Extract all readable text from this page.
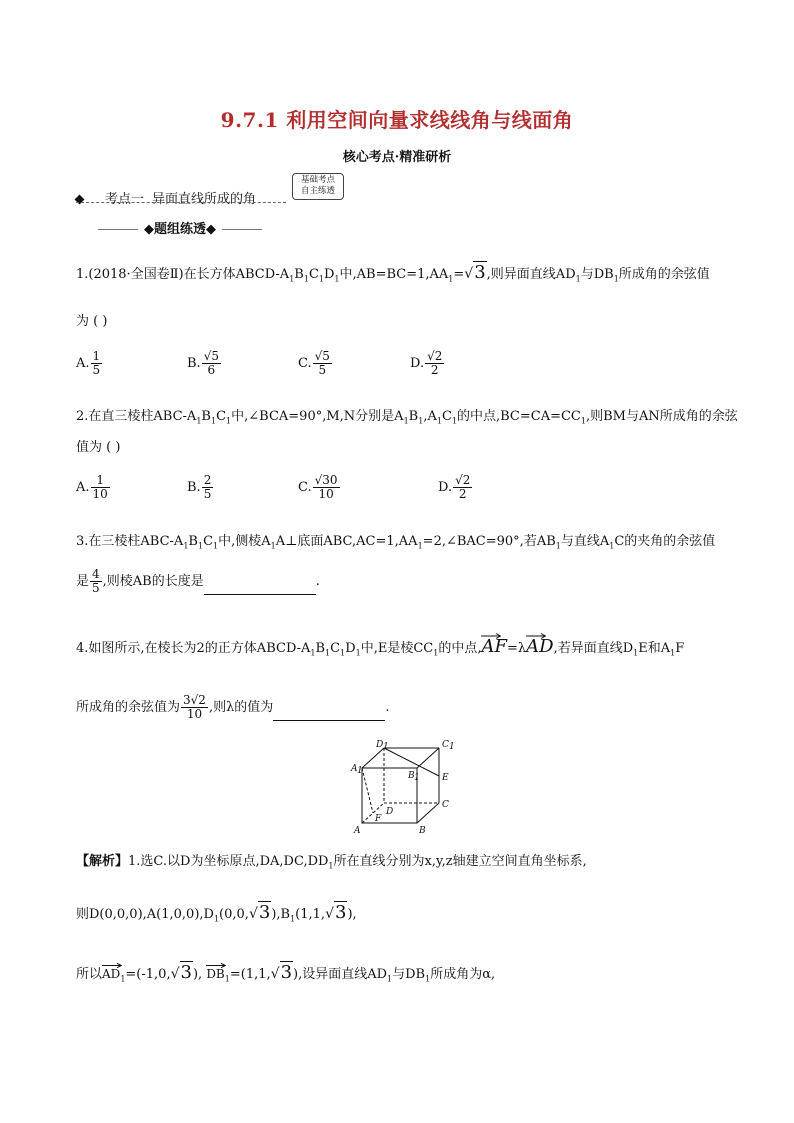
9.7.1 利用空间向量求线线角与线面角
核心考点·精准研析
考点一 异面直线所成的角
基础考点
自主练透
◆题组练透◆
1.(2018·全国卷Ⅱ)在长方体ABCD-$A_1B_1C_1D_1$中$,AB=BC=1,AA_1=√3$,则异面直线$AD_1$与$DB_1$所成角的余弦值
为 ( )
A. $\frac{1}{5}$	B. $\frac{√5}{6}$	C. $\frac{√5}{5}$	D. $\frac{√2}{2}$
2.在直三棱柱ABC-$A_1B_1C_1$中,∠BCA=90°,M,N分别是$A_1B_1,A_1C_1$的中点$,BC=CA=CC_1$,则BM与AN所成角的余弦
值为 ( )
A. $\frac{1}{10}$	B. $\frac{2}{5}$	C. $\frac{√30}{10}$	D. $\frac{√2}{2}$
3.在三棱柱ABC-$A_1B_1C_1$中,侧棱$A_1A\perp$底面$ABC,AC=1,AA_1=2,\angle BAC=90^\circ$,若$AB_1$与直线$A_1C$的夹角的余弦值
是 $\frac{4}{5}$ ,则棱AB的长度是	.
4.如图所示,在棱长为2的正方体ABCD-$A_1B_1C_1D_1$中,E是棱$CC_1$的中点,
AF=λ
AD,若异面直线$D_1E$和$A_1F$
所成角的余弦值为 $\frac{3√2}{10}$ ,则λ的值为	.
D 1	C 1
A 1	B 1 E
D
C
F
A	B
【解析】1.选C.以D为坐标原点$,DA,DC,DD_1$所在直线分别为x,y,z轴建立空间直角坐标系,
则$D(0,0,0),A(1,0,0),D_1(0,0,√3),B_1(1,1,√3)$,
所以
$AD_1=(-1,0,√3)$, $DB_1=(1,1,√3)$,设异面直线$AD_1$与$DB_1$所成角为α,
